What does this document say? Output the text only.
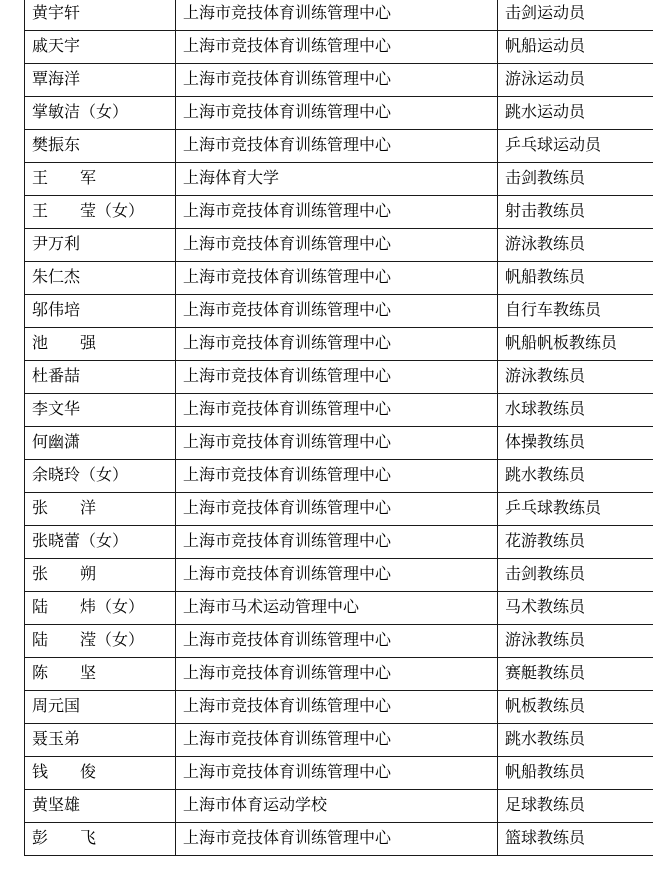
黄宇轩	上海市竞技体育训练管理中心	击剑运动员
戚天宇	上海市竞技体育训练管理中心	帆船运动员
覃海洋	上海市竞技体育训练管理中心	游泳运动员
掌敏洁（女）	上海市竞技体育训练管理中心	跳水运动员
樊振东	上海市竞技体育训练管理中心	乒乓球运动员
王　　军	上海体育大学	击剑教练员
王　　莹（女）	上海市竞技体育训练管理中心	射击教练员
尹万利	上海市竞技体育训练管理中心	游泳教练员
朱仁杰	上海市竞技体育训练管理中心	帆船教练员
邬伟培	上海市竞技体育训练管理中心	自行车教练员
池　　强	上海市竞技体育训练管理中心	帆船帆板教练员
杜番喆	上海市竞技体育训练管理中心	游泳教练员
李文华	上海市竞技体育训练管理中心	水球教练员
何幽潇	上海市竞技体育训练管理中心	体操教练员
余晓玲（女）	上海市竞技体育训练管理中心	跳水教练员
张　　洋	上海市竞技体育训练管理中心	乒乓球教练员
张晓蕾（女）	上海市竞技体育训练管理中心	花游教练员
张　　朔	上海市竞技体育训练管理中心	击剑教练员
陆　　炜（女）	上海市马术运动管理中心	马术教练员
陆　　滢（女）	上海市竞技体育训练管理中心	游泳教练员
陈　　坚	上海市竞技体育训练管理中心	赛艇教练员
周元国	上海市竞技体育训练管理中心	帆板教练员
聂玉弟	上海市竞技体育训练管理中心	跳水教练员
钱　　俊	上海市竞技体育训练管理中心	帆船教练员
黄坚雄	上海市体育运动学校	足球教练员
彭　　飞	上海市竞技体育训练管理中心	篮球教练员
